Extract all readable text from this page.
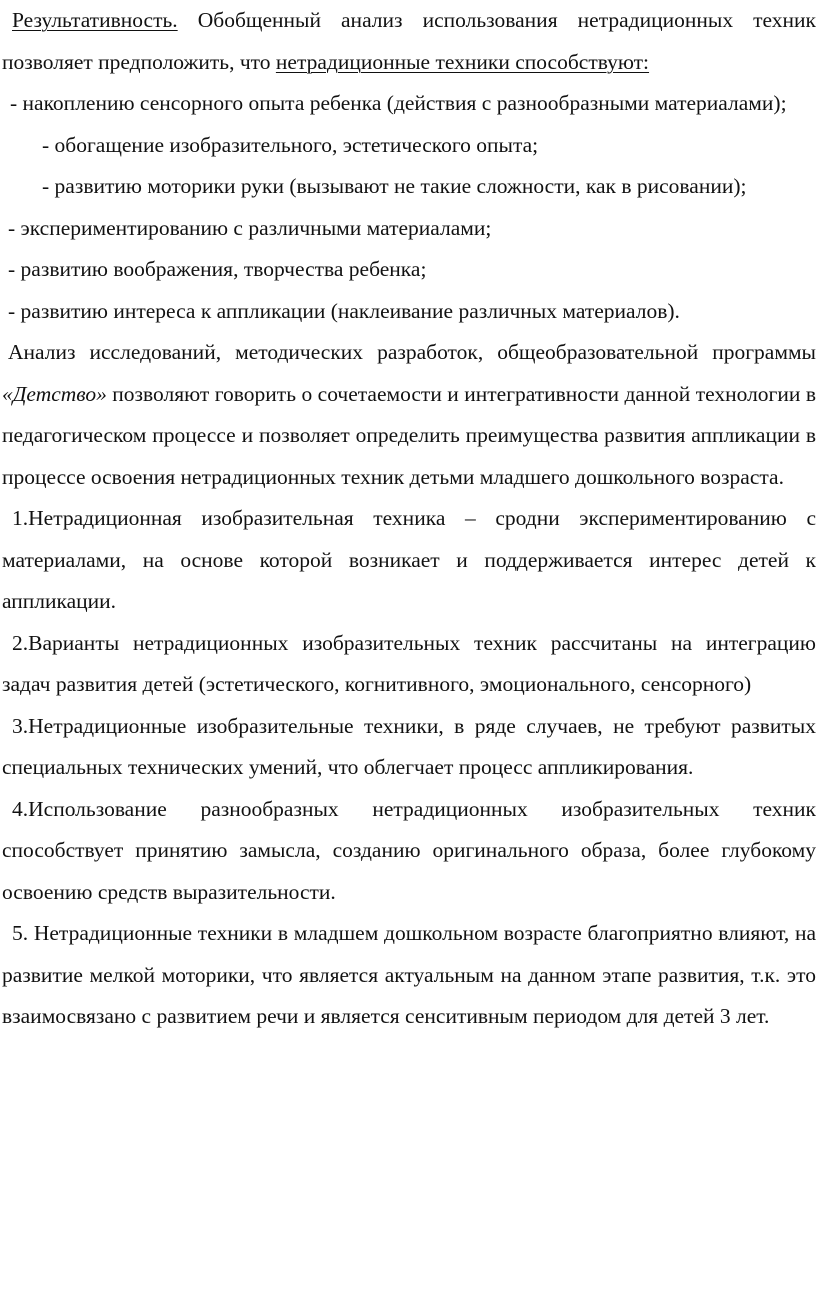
Результативность. Обобщенный анализ использования нетрадиционных техник позволяет предположить, что нетрадиционные техники способствуют:

- накоплению сенсорного опыта ребенка (действия с разнообразными материалами);

- обогащение изобразительного, эстетического опыта;

- развитию моторики руки (вызывают не такие сложности, как в рисовании);

- экспериментированию с различными материалами;

- развитию воображения, творчества ребенка;

- развитию интереса к аппликации (наклеивание различных материалов).

Анализ исследований, методических разработок, общеобразовательной программы «Детство» позволяют говорить о сочетаемости и интегративности данной технологии в педагогическом процессе и позволяет определить преимущества развития аппликации в процессе освоения нетрадиционных техник детьми младшего дошкольного возраста.

1.Нетрадиционная изобразительная техника – сродни экспериментированию с материалами, на основе которой возникает и поддерживается интерес детей к аппликации.

2.Варианты нетрадиционных изобразительных техник рассчитаны на интеграцию задач развития детей (эстетического, когнитивного, эмоционального, сенсорного)

3.Нетрадиционные изобразительные техники, в ряде случаев, не требуют развитых специальных технических умений, что облегчает процесс аппликирования.

4.Использование разнообразных нетрадиционных изобразительных техник способствует принятию замысла, созданию оригинального образа, более глубокому освоению средств выразительности.

5. Нетрадиционные техники в младшем дошкольном возрасте благоприятно влияют, на развитие мелкой моторики, что является актуальным на данном этапе развития, т.к. это взаимосвязано с развитием речи и является сенситивным периодом для детей 3 лет.
